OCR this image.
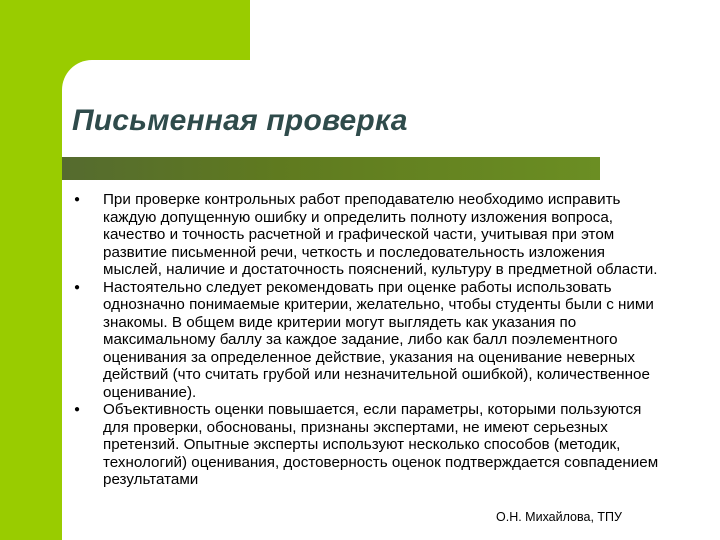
Письменная проверка
● При проверке контрольных работ преподавателю необходимо исправить каждую допущенную ошибку и определить полноту изложения вопроса, качество и точность расчетной и графической части, учитывая при этом развитие письменной речи, четкость и последовательность изложения мыслей, наличие и достаточность пояснений, культуру в предметной области.
● Настоятельно следует рекомендовать при оценке работы использовать однозначно понимаемые критерии, желательно, чтобы студенты были с ними знакомы. В общем виде критерии могут выглядеть как указания по максимальному баллу за каждое задание, либо как балл поэлементного оценивания за определенное действие, указания на оценивание неверных действий (что считать грубой или незначительной ошибкой), количественное оценивание).
● Объективность оценки повышается, если параметры, которыми пользуются для проверки, обоснованы, признаны экспертами, не имеют серьезных претензий. Опытные эксперты используют несколько способов (методик, технологий) оценивания, достоверность оценок подтверждается совпадением результатами
О.Н. Михайлова, ТПУ
